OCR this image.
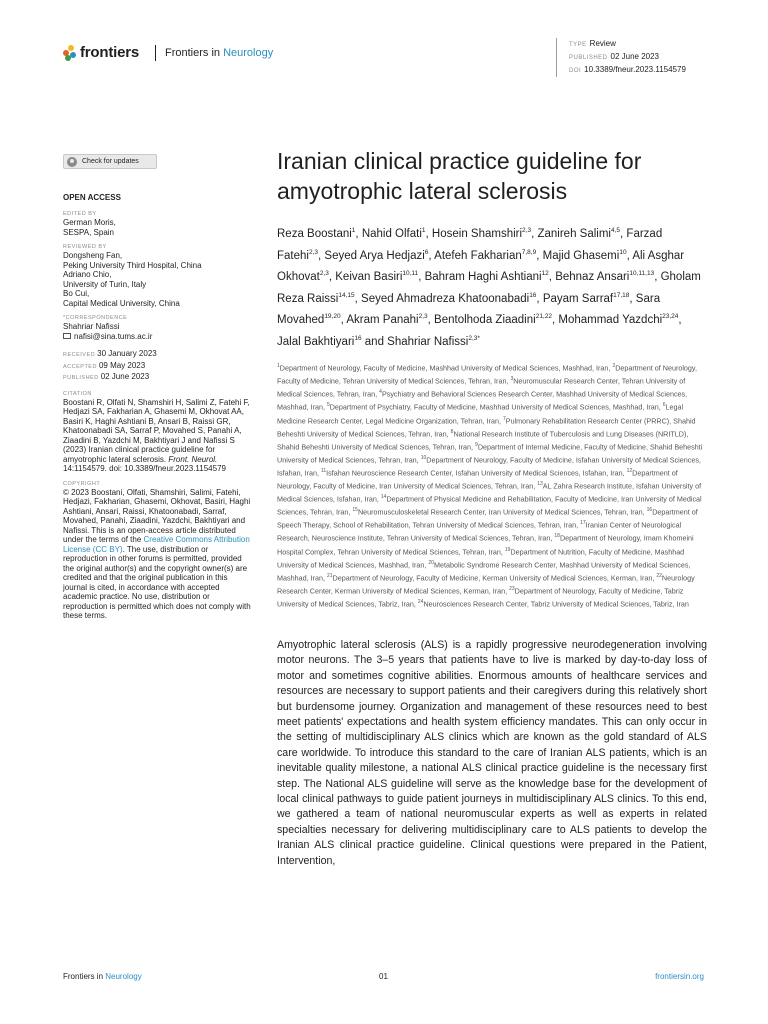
frontiers Frontiers in Neurology
TYPE Review
PUBLISHED 02 June 2023
DOI 10.3389/fneur.2023.1154579
Check for updates
OPEN ACCESS
EDITED BY
German Moris,
SESPA, Spain
REVIEWED BY
Dongsheng Fan,
Peking University Third Hospital, China
Adriano Chio,
University of Turin, Italy
Bo Cui,
Capital Medical University, China
*CORRESPONDENCE
Shahriar Nafissi
nafisi@sina.tums.ac.ir
RECEIVED 30 January 2023
ACCEPTED 09 May 2023
PUBLISHED 02 June 2023
CITATION
Boostani R, Olfati N, Shamshiri H, Salimi Z, Fatehi F, Hedjazi SA, Fakharian A, Ghasemi M, Okhovat AA, Basiri K, Haghi Ashtiani B, Ansari B, Raissi GR, Khatoonabadi SA, Sarraf P, Movahed S, Panahi A, Ziaadini B, Yazdchi M, Bakhtiyari J and Nafissi S (2023) Iranian clinical practice guideline for amyotrophic lateral sclerosis. Front. Neurol. 14:1154579. doi: 10.3389/fneur.2023.1154579
COPYRIGHT
© 2023 Boostani, Olfati, Shamshiri, Salimi, Fatehi, Hedjazi, Fakharian, Ghasemi, Okhovat, Basiri, Haghi Ashtiani, Ansari, Raissi, Khatoonabadi, Sarraf, Movahed, Panahi, Ziaadini, Yazdchi, Bakhtiyari and Nafissi. This is an open-access article distributed under the terms of the Creative Commons Attribution License (CC BY). The use, distribution or reproduction in other forums is permitted, provided the original author(s) and the copyright owner(s) are credited and that the original publication in this journal is cited, in accordance with accepted academic practice. No use, distribution or reproduction is permitted which does not comply with these terms.
Iranian clinical practice guideline for amyotrophic lateral sclerosis
Reza Boostani$^1$, Nahid Olfati$^1$, Hosein Shamshiri$^{2,3}$, Zanireh Salimi$^{4,5}$, Farzad Fatehi$^{2,3}$, Seyed Arya Hedjazi$^6$, Atefeh Fakharian$^{7,8,9}$, Majid Ghasemi$^{10}$, Ali Asghar Okhovat$^{2,3}$, Keivan Basiri$^{10,11}$, Bahram Haghi Ashtiani$^{12}$, Behnaz Ansari$^{10,11,13}$, Gholam Reza Raissi$^{14,15}$, Seyed Ahmadreza Khatoonabadi$^{16}$, Payam Sarraf$^{17,18}$, Sara Movahed$^{19,20}$, Akram Panahi$^{2,3}$, Bentolhoda Ziaadini$^{21,22}$, Mohammad Yazdchi$^{23,24}$, Jalal Bakhtiyari$^{16}$ and Shahriar Nafissi$^{2,3*}$
$^1$Department of Neurology, Faculty of Medicine, Mashhad University of Medical Sciences, Mashhad, Iran, $^2$Department of Neurology, Faculty of Medicine, Tehran University of Medical Sciences, Tehran, Iran, $^3$Neuromuscular Research Center, Tehran University of Medical Sciences, Tehran, Iran, $^4$Psychiatry and Behavioral Sciences Research Center, Mashhad University of Medical Sciences, Mashhad, Iran, $^5$Department of Psychiatry, Faculty of Medicine, Mashhad University of Medical Sciences, Mashhad, Iran, $^6$Legal Medicine Research Center, Legal Medicine Organization, Tehran, Iran, $^7$Pulmonary Rehabilitation Research Center (PRRC), Shahid Beheshti University of Medical Sciences, Tehran, Iran, $^8$National Research Institute of Tuberculosis and Lung Diseases (NRITLD), Shahid Beheshti University of Medical Sciences, Tehran, Iran, $^9$Department of Internal Medicine, Faculty of Medicine, Shahid Beheshti University of Medical Sciences, Tehran, Iran, $^{10}$Department of Neurology, Faculty of Medicine, Isfahan University of Medical Sciences, Isfahan, Iran, $^{11}$Isfahan Neuroscience Research Center, Isfahan University of Medical Sciences, Isfahan, Iran, $^{12}$Department of Neurology, Faculty of Medicine, Iran University of Medical Sciences, Tehran, Iran, $^{13}$AL Zahra Research Institute, Isfahan University of Medical Sciences, Isfahan, Iran, $^{14}$Department of Physical Medicine and Rehabilitation, Faculty of Medicine, Iran University of Medical Sciences, Tehran, Iran, $^{15}$Neuromusculoskeletal Research Center, Iran University of Medical Sciences, Tehran, Iran, $^{16}$Department of Speech Therapy, School of Rehabilitation, Tehran University of Medical Sciences, Tehran, Iran, $^{17}$Iranian Center of Neurological Research, Neuroscience Institute, Tehran University of Medical Sciences, Tehran, Iran, $^{18}$Department of Neurology, Imam Khomeini Hospital Complex, Tehran University of Medical Sciences, Tehran, Iran, $^{19}$Department of Nutrition, Faculty of Medicine, Mashhad University of Medical Sciences, Mashhad, Iran, $^{20}$Metabolic Syndrome Research Center, Mashhad University of Medical Sciences, Mashhad, Iran, $^{21}$Department of Neurology, Faculty of Medicine, Kerman University of Medical Sciences, Kerman, Iran, $^{22}$Neurology Research Center, Kerman University of Medical Sciences, Kerman, Iran, $^{23}$Department of Neurology, Faculty of Medicine, Tabriz University of Medical Sciences, Tabriz, Iran, $^{24}$Neurosciences Research Center, Tabriz University of Medical Sciences, Tabriz, Iran

Amyotrophic lateral sclerosis (ALS) is a rapidly progressive neurodegeneration involving motor neurons. The 3–5 years that patients have to live is marked by day-to-day loss of motor and sometimes cognitive abilities. Enormous amounts of healthcare services and resources are necessary to support patients and their caregivers during this relatively short but burdensome journey. Organization and management of these resources need to best meet patients' expectations and health system efficiency mandates. This can only occur in the setting of multidisciplinary ALS clinics which are known as the gold standard of ALS care worldwide. To introduce this standard to the care of Iranian ALS patients, which is an inevitable quality milestone, a national ALS clinical practice guideline is the necessary first step. The National ALS guideline will serve as the knowledge base for the development of local clinical pathways to guide patient journeys in multidisciplinary ALS clinics. To this end, we gathered a team of national neuromuscular experts as well as experts in related specialties necessary for delivering multidisciplinary care to ALS patients to develop the Iranian ALS clinical practice guideline. Clinical questions were prepared in the Patient, Intervention,

Frontiers in Neurology	01	frontiersin.org
